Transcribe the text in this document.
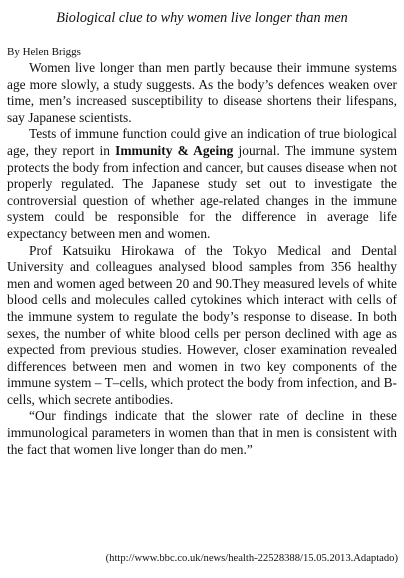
Biological clue to why women live longer than men
By Helen Briggs

Women live longer than men partly because their immune systems age more slowly, a study suggests. As the body’s defences weaken over time, men’s increased susceptibility to disease shortens their lifespans, say Japanese scientists.

Tests of immune function could give an indication of true biological age, they report in Immunity & Ageing journal. The immune system protects the body from infection and cancer, but causes disease when not properly regulated. The Japanese study set out to investigate the controversial question of whether age-related changes in the immune system could be responsible for the difference in average life expectancy between men and women.

Prof Katsuiku Hirokawa of the Tokyo Medical and Dental University and colleagues analysed blood samples from 356 healthy men and women aged between 20 and 90.They measured levels of white blood cells and molecules called cytokines which interact with cells of the immune system to regulate the body’s response to disease. In both sexes, the number of white blood cells per person declined with age as expected from previous studies. However, closer examination revealed differences between men and women in two key components of the immune system – T–cells, which protect the body from infection, and B-cells, which secrete antibodies.

“Our findings indicate that the slower rate of decline in these immunological parameters in women than that in men is consistent with the fact that women live longer than do men.”

(http://www.bbc.co.uk/news/health-22528388/15.05.2013.Adaptado)
